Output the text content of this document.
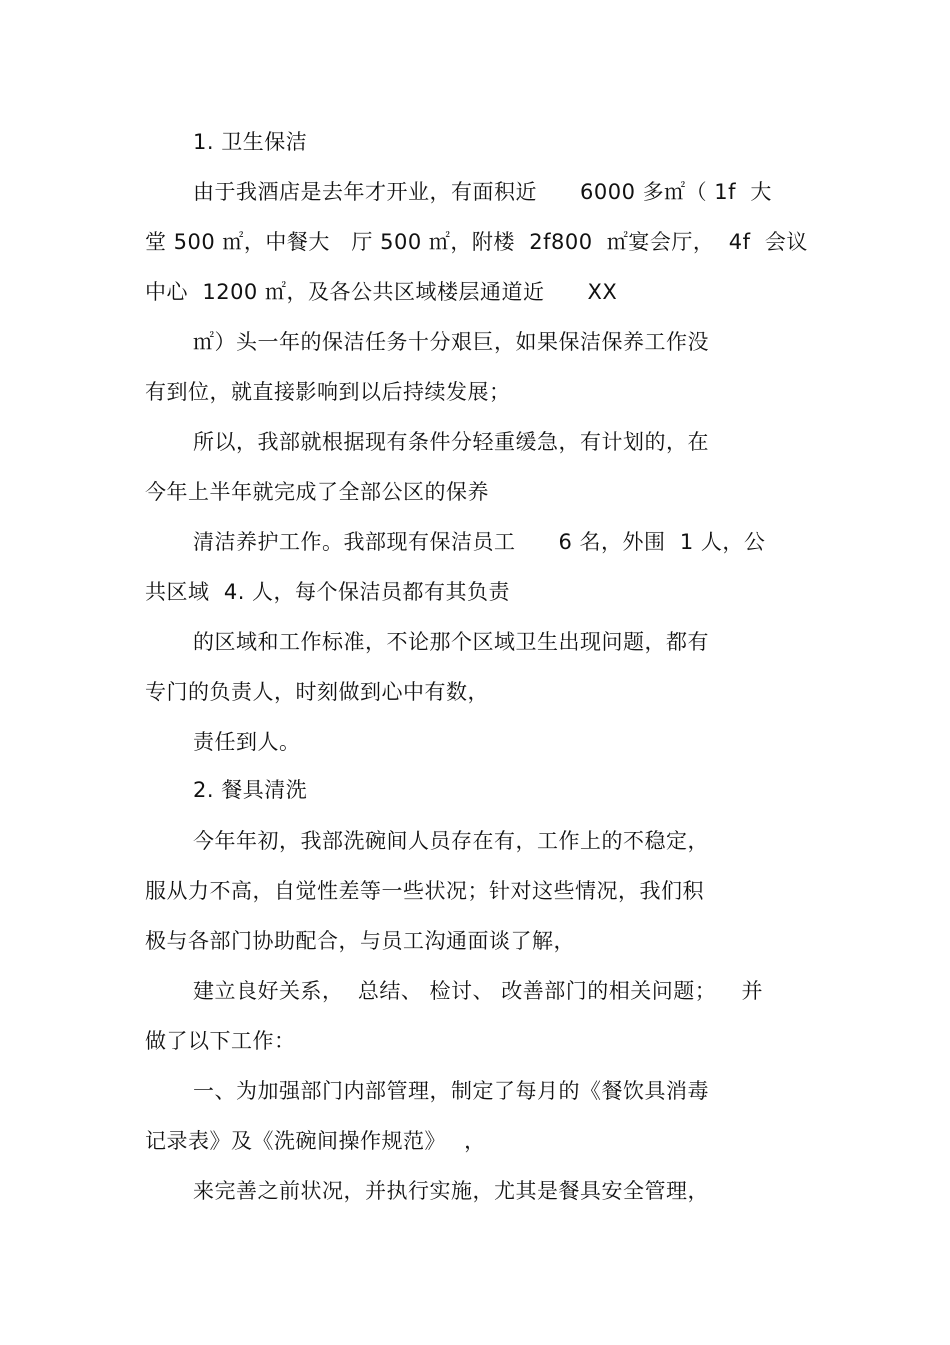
1. 卫生保洁
由于我酒店是去年才开业，有面积近　　6000 多㎡（ 1f  大
堂 500 ㎡，中餐大　厅 500 ㎡，附楼  2f800  ㎡宴会厅，  4f  会议
中心  1200 ㎡，及各公共区域楼层通道近　　XX
㎡）头一年的保洁任务十分艰巨，如果保洁保养工作没
有到位，就直接影响到以后持续发展；
所以，我部就根据现有条件分轻重缓急，有计划的，在
今年上半年就完成了全部公区的保养
清洁养护工作。我部现有保洁员工　　6 名，外围  1 人，公
共区域  4. 人，每个保洁员都有其负责
的区域和工作标准，不论那个区域卫生出现问题，都有
专门的负责人，时刻做到心中有数，
责任到人。
2. 餐具清洗
今年年初，我部洗碗间人员存在有，工作上的不稳定，
服从力不高，自觉性差等一些状况；针对这些情况，我们积
极与各部门协助配合，与员工沟通面谈了解，
建立良好关系，  总结、 检讨、 改善部门的相关问题；　  并
做了以下工作：
一、为加强部门内部管理，制定了每月的《餐饮具消毒
记录表》及《洗碗间操作规范》　 ，
来完善之前状况，并执行实施，尤其是餐具安全管理，
